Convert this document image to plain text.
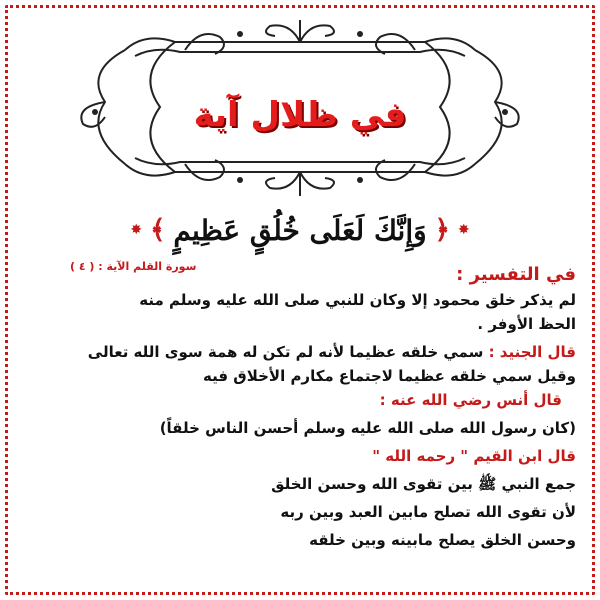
في ظلال آية
✸
﴿
وَإِنَّكَ لَعَلَى خُلُقٍ عَظِيمٍ
﴾
✸
سورة القلم الآية : ( ٤ )	في التفسير :
لم يذكر خلق محمود إلا وكان للنبي صلى الله عليه وسلم منه
الحظ الأوفر .
قال الجنيد : سمي خلقه عظيما لأنه لم تكن له همة سوى الله تعالى
وقيل سمي خلقه عظيما لاجتماع مكارم الأخلاق فيه
قال أنس رضي الله عنه :
(كان رسول الله صلى الله عليه وسلم أحسن الناس خلقاً)
قال ابن القيم " رحمه الله "
جمع النبي ﷺ بين تقوى الله وحسن الخلق
لأن تقوى الله تصلح مابين العبد وبين ربه
وحسن الخلق يصلح مابينه وبين خلقه
